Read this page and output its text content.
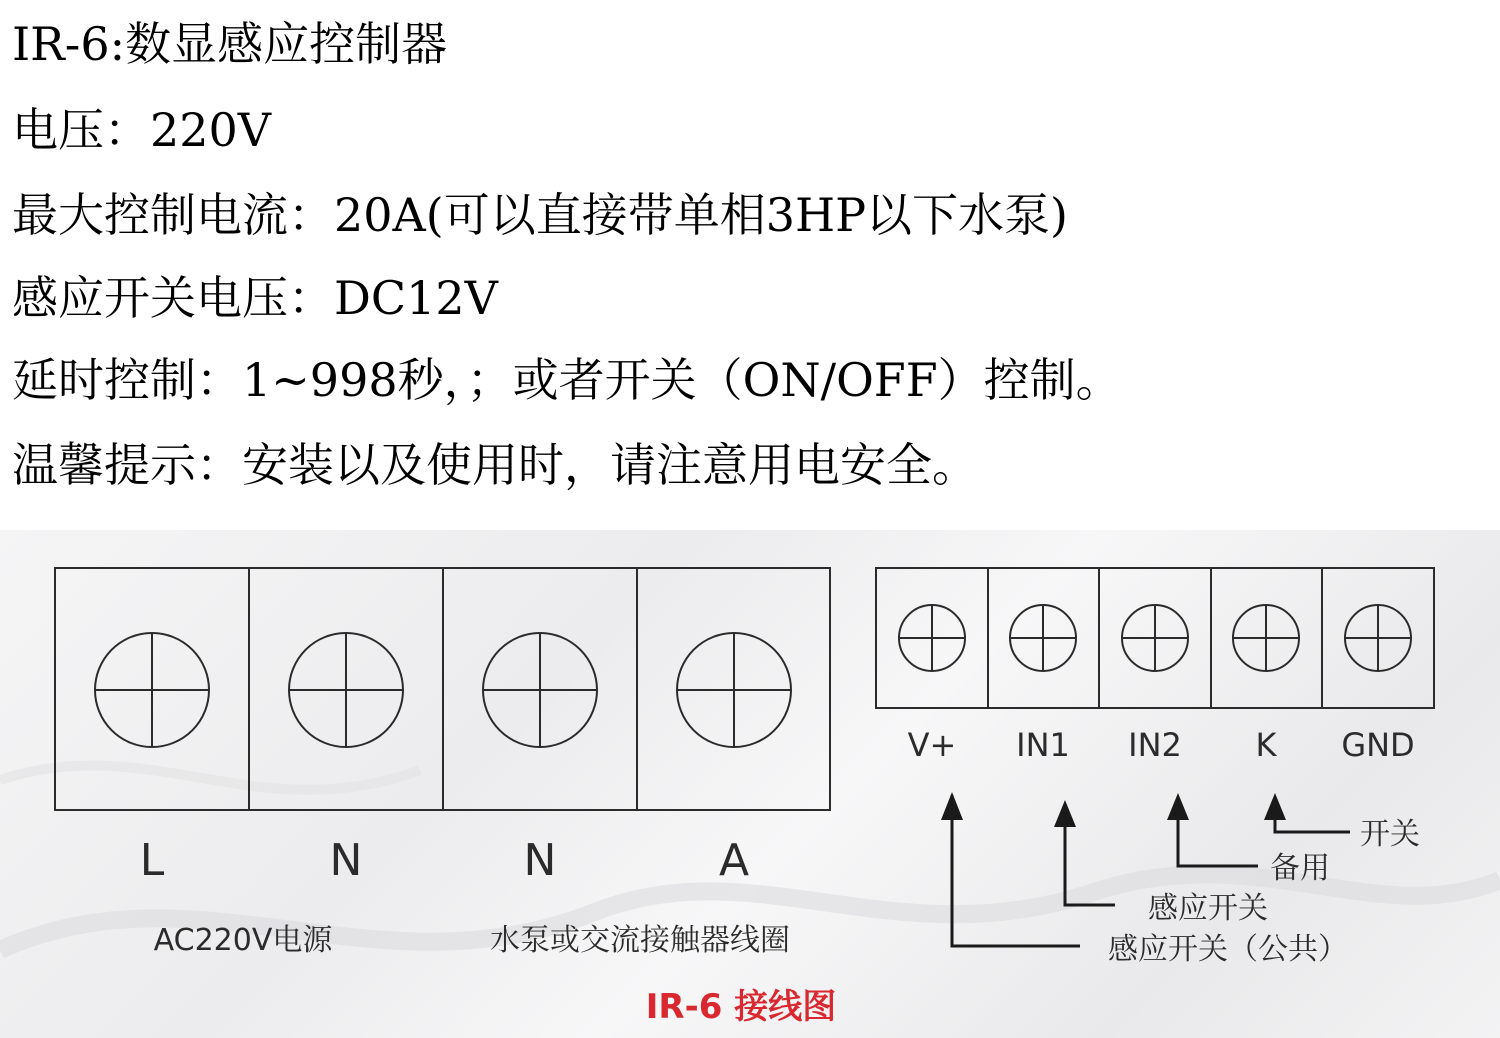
IR-6:数显感应控制器
电压：220V
最大控制电流：20A(可以直接带单相3HP以下水泵)
感应开关电压：DC12V
延时控制：1~998秒，；或者开关（ON/OFF）控制。
温馨提示：安装以及使用时，请注意用电安全。
L	N	N	A
AC220V电源	水泵或交流接触器线圈
V+ IN1 IN2 K GND
开关
备用
感应开关
感应开关（公共）
IR-6 接线图
